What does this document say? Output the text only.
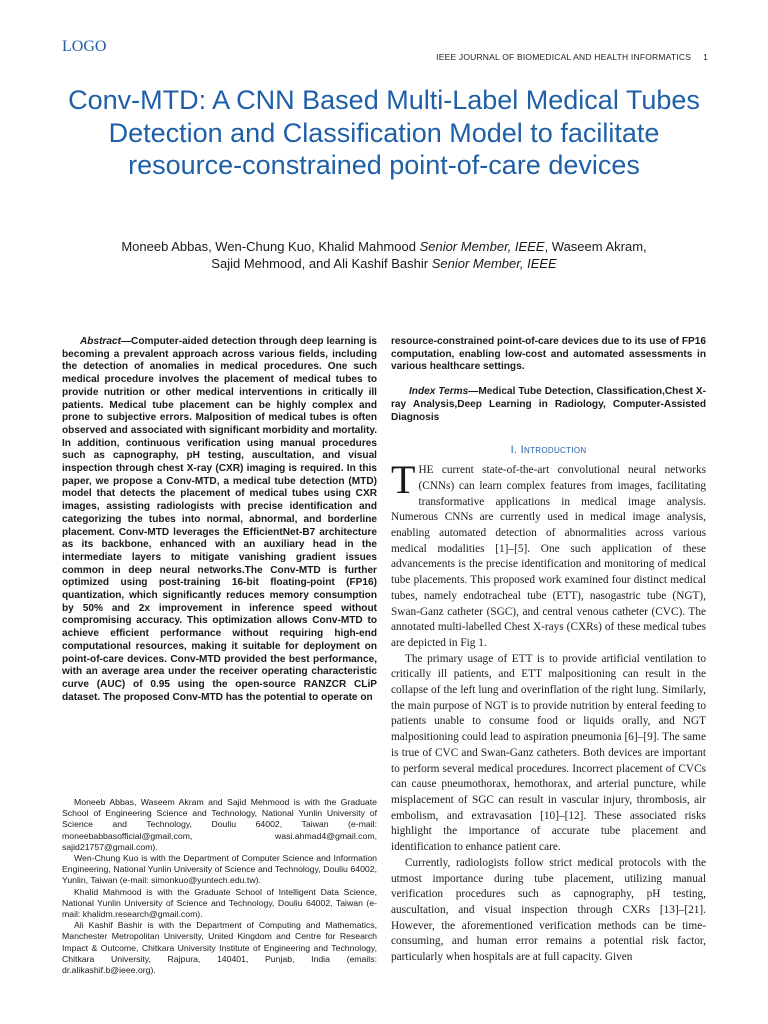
LOGO
IEEE JOURNAL OF BIOMEDICAL AND HEALTH INFORMATICS 1
Conv-MTD: A CNN Based Multi-Label Medical Tubes Detection and Classification Model to facilitate resource-constrained point-of-care devices

Moneeb Abbas, Wen-Chung Kuo, Khalid Mahmood Senior Member, IEEE, Waseem Akram,
Sajid Mehmood, and Ali Kashif Bashir Senior Member, IEEE

Abstract—Computer-aided detection through deep learning is becoming a prevalent approach across various fields, including the detection of anomalies in medical procedures. One such medical procedure involves the placement of medical tubes to provide nutrition or other medical interventions in critically ill patients. Medical tube placement can be highly complex and prone to subjective errors. Malposition of medical tubes is often observed and associated with significant morbidity and mortality. In addition, continuous verification using manual procedures such as capnography, pH testing, auscultation, and visual inspection through chest X-ray (CXR) imaging is required. In this paper, we propose a Conv-MTD, a medical tube detection (MTD) model that detects the placement of medical tubes using CXR images, assisting radiologists with precise identification and categorizing the tubes into normal, abnormal, and borderline placement. Conv-MTD leverages the EfficientNet-B7 architecture as its backbone, enhanced with an auxiliary head in the intermediate layers to mitigate vanishing gradient issues common in deep neural networks.The Conv-MTD is further optimized using post-training 16-bit floating-point (FP16) quantization, which significantly reduces memory consumption by 50% and 2x improvement in inference speed without compromising accuracy. This optimization allows Conv-MTD to achieve efficient performance without requiring high-end computational resources, making it suitable for deployment on point-of-care devices. Conv-MTD provided the best performance, with an average area under the receiver operating characteristic curve (AUC) of 0.95 using the open-source RANZCR CLiP dataset. The proposed Conv-MTD has the potential to operate on

Moneeb Abbas, Waseem Akram and Sajid Mehmood is with the Graduate School of Engineering Science and Technology, National Yunlin University of Science and Technology, Douliu 64002, Taiwan (e-mail: moneebabbasofficial@gmail.com, wasi.ahmad4@gmail.com, sajid21757@gmail.com).

Wen-Chung Kuo is with the Department of Computer Science and Information Engineering, National Yunlin University of Science and Technology, Douliu 64002, Yunlin, Taiwan (e-mail: simonkuo@yuntech.edu.tw).

Khalid Mahmood is with the Graduate School of Intelligent Data Science, National Yunlin University of Science and Technology, Douliu 64002, Taiwan (e-mail: khalidm.research@gmail.com).

Ali Kashif Bashir is with the Department of Computing and Mathematics, Manchester Metropolitan University, United Kingdom and Centre for Research Impact & Outcome, Chitkara University Institute of Engineering and Technology, Chitkara University, Rajpura, 140401, Punjab, India (emails: dr.alikashif.b@ieee.org).

resource-constrained point-of-care devices due to its use of FP16 computation, enabling low-cost and automated assessments in various healthcare settings.

Index Terms—Medical Tube Detection, Classification,Chest X-ray Analysis,Deep Learning in Radiology, Computer-Assisted Diagnosis

I. Introduction

THE current state-of-the-art convolutional neural networks (CNNs) can learn complex features from images, facilitating transformative applications in medical image analysis. Numerous CNNs are currently used in medical image analysis, enabling automated detection of abnormalities across various medical modalities [1]–[5]. One such application of these advancements is the precise identification and monitoring of medical tube placements. This proposed work examined four distinct medical tubes, namely endotracheal tube (ETT), nasogastric tube (NGT), Swan-Ganz catheter (SGC), and central venous catheter (CVC). The annotated multi-labelled Chest X-rays (CXRs) of these medical tubes are depicted in Fig 1.

The primary usage of ETT is to provide artificial ventilation to critically ill patients, and ETT malpositioning can result in the collapse of the left lung and overinflation of the right lung. Similarly, the main purpose of NGT is to provide nutrition by enteral feeding to patients unable to consume food or liquids orally, and NGT malpositioning could lead to aspiration pneumonia [6]–[9]. The same is true of CVC and Swan-Ganz catheters. Both devices are important to perform several medical procedures. Incorrect placement of CVCs can cause pneumothorax, hemothorax, and arterial puncture, while misplacement of SGC can result in vascular injury, thrombosis, air embolism, and extravasation [10]–[12]. These associated risks highlight the importance of accurate tube placement and identification to enhance patient care.

Currently, radiologists follow strict medical protocols with the utmost importance during tube placement, utilizing manual verification procedures such as capnography, pH testing, auscultation, and visual inspection through CXRs [13]–[21]. However, the aforementioned verification methods can be time-consuming, and human error remains a potential risk factor, particularly when hospitals are at full capacity. Given
